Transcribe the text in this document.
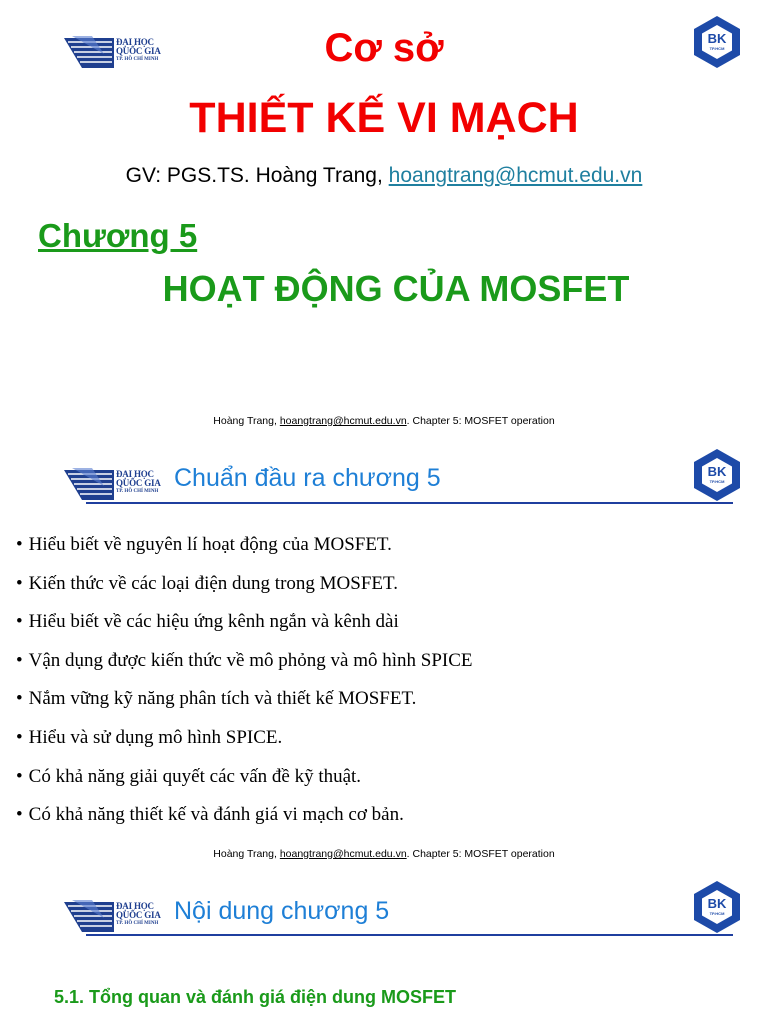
ĐẠI HỌC
QUỐC GIA
TP. HỒ CHÍ MINH
BK
TP.HCM
Cơ sở
THIẾT KẾ VI MẠCH
GV: PGS.TS. Hoàng Trang, hoangtrang@hcmut.edu.vn
Chương 5
HOẠT ĐỘNG CỦA MOSFET
Hoàng Trang, hoangtrang@hcmut.edu.vn. Chapter 5: MOSFET operation
ĐẠI HỌC
QUỐC GIA
TP. HỒ CHÍ MINH Chuẩn đầu ra chương 5	BK
TP.HCM
• Hiểu biết về nguyên lí hoạt động của MOSFET.
• Kiến thức về các loại điện dung trong MOSFET.
• Hiểu biết về các hiệu ứng kênh ngắn và kênh dài
• Vận dụng được kiến thức về mô phỏng và mô hình SPICE
• Nắm vững kỹ năng phân tích và thiết kế MOSFET.
• Hiểu và sử dụng mô hình SPICE.
• Có khả năng giải quyết các vấn đề kỹ thuật.
• Có khả năng thiết kế và đánh giá vi mạch cơ bản.
Hoàng Trang, hoangtrang@hcmut.edu.vn. Chapter 5: MOSFET operation
ĐẠI HỌC
QUỐC GIA
TP. HỒ CHÍ MINH Nội dung chương 5	BK
TP.HCM
5.1. Tổng quan và đánh giá điện dung MOSFET
